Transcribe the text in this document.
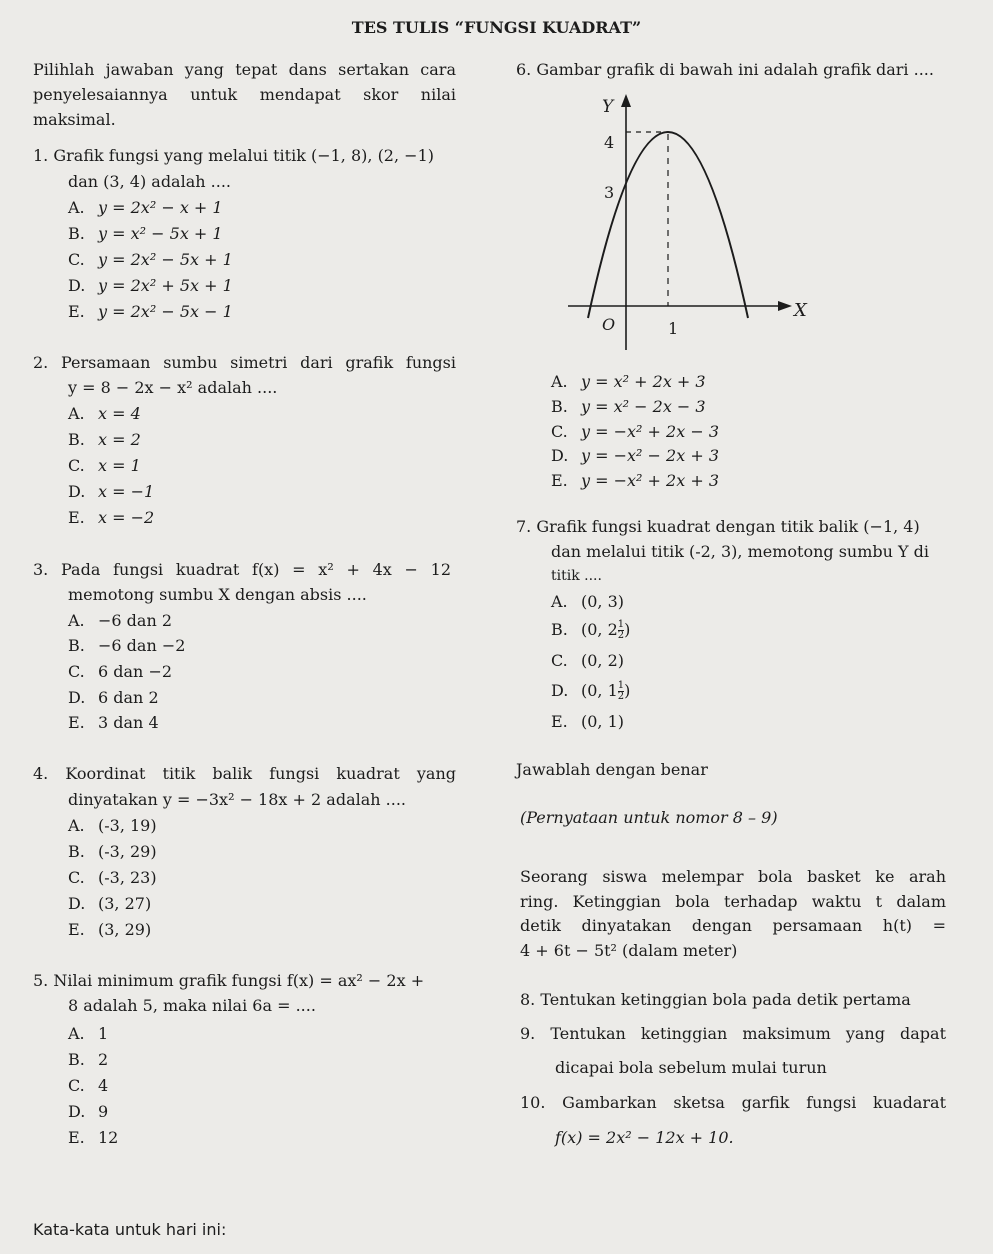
TES TULIS “FUNGSI KUADRAT”
Pilihlah jawaban yang tepat dans sertakan cara
penyelesaiannya untuk mendapat skor nilai
maksimal.
1. Grafik fungsi yang melalui titik (−1, 8), (2, −1)
dan (3, 4) adalah ....
A. y = 2x² − x + 1
B. y = x² − 5x + 1
C. y = 2x² − 5x + 1
D. y = 2x² + 5x + 1
E. y = 2x² − 5x − 1
2. Persamaan sumbu simetri dari grafik fungsi
y = 8 − 2x − x² adalah ....
A. x = 4
B. x = 2
C. x = 1
D. x = −1
E. x = −2
3. Pada fungsi kuadrat f(x) = x² + 4x − 12
memotong sumbu X dengan absis ....
A. −6 dan 2
B. −6 dan −2
C. 6 dan −2
D. 6 dan 2
E. 3 dan 4
4. Koordinat titik balik fungsi kuadrat yang
dinyatakan y = −3x² − 18x + 2 adalah ....
A. (-3, 19)
B. (-3, 29)
C. (-3, 23)
D. (3, 27)
E. (3, 29)
5. Nilai minimum grafik fungsi f(x) = ax² − 2x +
8 adalah 5, maka nilai 6a = ....
A. 1
B. 2
C. 4
D. 9
E. 12
6. Gambar grafik di bawah ini adalah grafik dari ....
Y
4
3
O	1
X
A. y = x² + 2x + 3
B. y = x² − 2x − 3
C. y = −x² + 2x − 3
D. y = −x² − 2x + 3
E. y = −x² + 2x + 3
7. Grafik fungsi kuadrat dengan titik balik (−1, 4)
dan melalui titik (-2, 3), memotong sumbu Y di
titik ....
A. (0, 3)
B. (0, $2 \frac{1}{2}$ )
C. (0, 2)
D. (0, $1 \frac{1}{2}$ )
E. (0, 1)
Jawablah dengan benar
(Pernyataan untuk nomor 8 – 9)
Seorang siswa melempar bola basket ke arah
ring. Ketinggian bola terhadap waktu t dalam
detik dinyatakan dengan persamaan h(t) =
4 + 6t − 5t² (dalam meter)
8. Tentukan ketinggian bola pada detik pertama
9. Tentukan ketinggian maksimum yang dapat
dicapai bola sebelum mulai turun
10. Gambarkan sketsa garfik fungsi kuadarat
f(x) = 2x² − 12x + 10.
Kata-kata untuk hari ini:
